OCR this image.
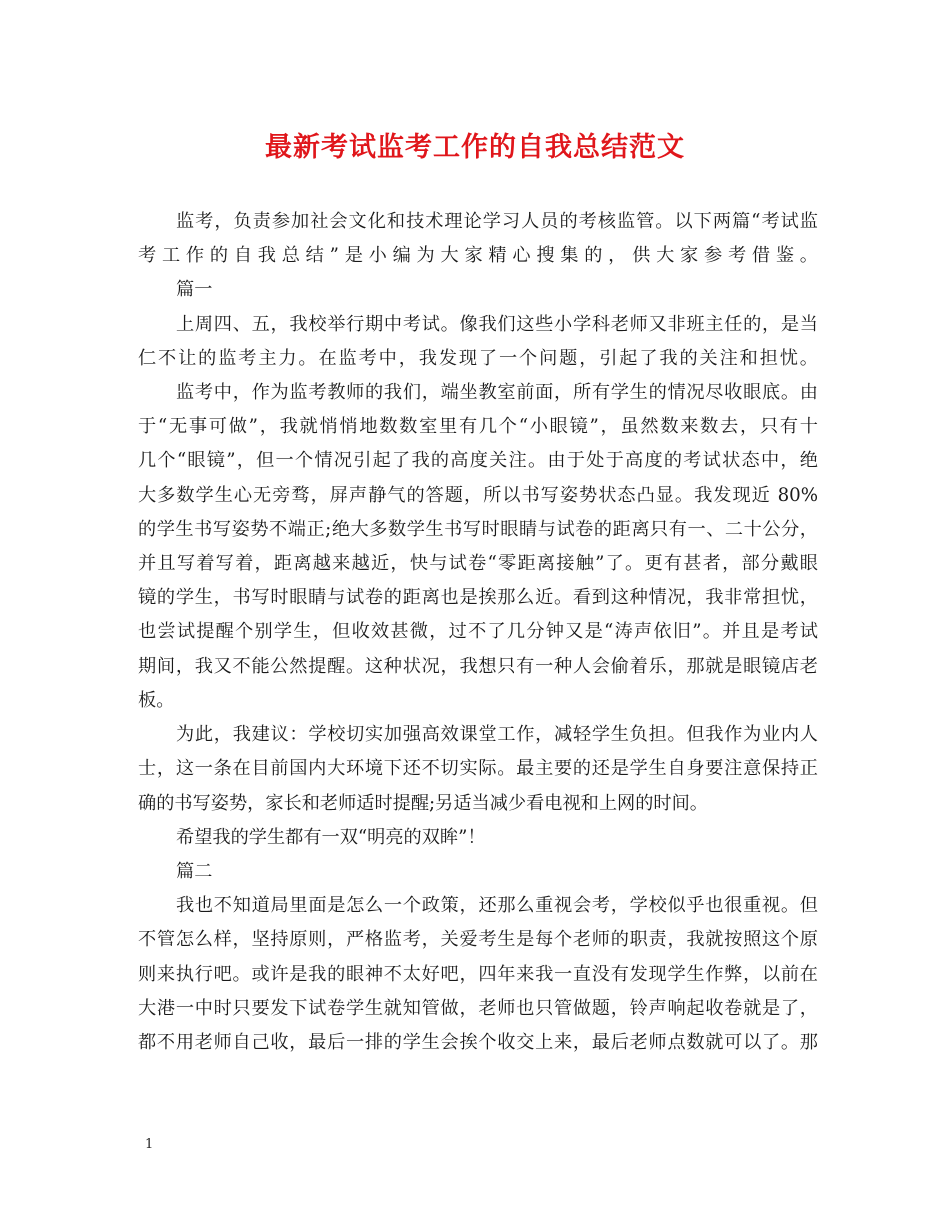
最新考试监考工作的自我总结范文
监考，负责参加社会文化和技术理论学习人员的考核监管。以下两篇“考试监
考工作的自我总结”是小编为大家精心搜集的，供大家参考借鉴。
篇一
上周四、五，我校举行期中考试。像我们这些小学科老师又非班主任的，是当
仁不让的监考主力。在监考中，我发现了一个问题，引起了我的关注和担忧。
监考中，作为监考教师的我们，端坐教室前面，所有学生的情况尽收眼底。由
于“无事可做”，我就悄悄地数数室里有几个“小眼镜”，虽然数来数去，只有十
几个“眼镜”，但一个情况引起了我的高度关注。由于处于高度的考试状态中，绝
大多数学生心无旁骛，屏声静气的答题，所以书写姿势状态凸显。我发现近 80%
的学生书写姿势不端正;绝大多数学生书写时眼睛与试卷的距离只有一、二十公分，
并且写着写着，距离越来越近，快与试卷“零距离接触”了。更有甚者，部分戴眼
镜的学生，书写时眼睛与试卷的距离也是挨那么近。看到这种情况，我非常担忧，
也尝试提醒个别学生，但收效甚微，过不了几分钟又是“涛声依旧”。并且是考试
期间，我又不能公然提醒。这种状况，我想只有一种人会偷着乐，那就是眼镜店老
板。
为此，我建议：学校切实加强高效课堂工作，减轻学生负担。但我作为业内人
士，这一条在目前国内大环境下还不切实际。最主要的还是学生自身要注意保持正
确的书写姿势，家长和老师适时提醒;另适当减少看电视和上网的时间。
希望我的学生都有一双“明亮的双眸”！
篇二
我也不知道局里面是怎么一个政策，还那么重视会考，学校似乎也很重视。但
不管怎么样，坚持原则，严格监考，关爱考生是每个老师的职责，我就按照这个原
则来执行吧。或许是我的眼神不太好吧，四年来我一直没有发现学生作弊，以前在
大港一中时只要发下试卷学生就知管做，老师也只管做题，铃声响起收卷就是了，
都不用老师自己收，最后一排的学生会挨个收交上来，最后老师点数就可以了。那
1
